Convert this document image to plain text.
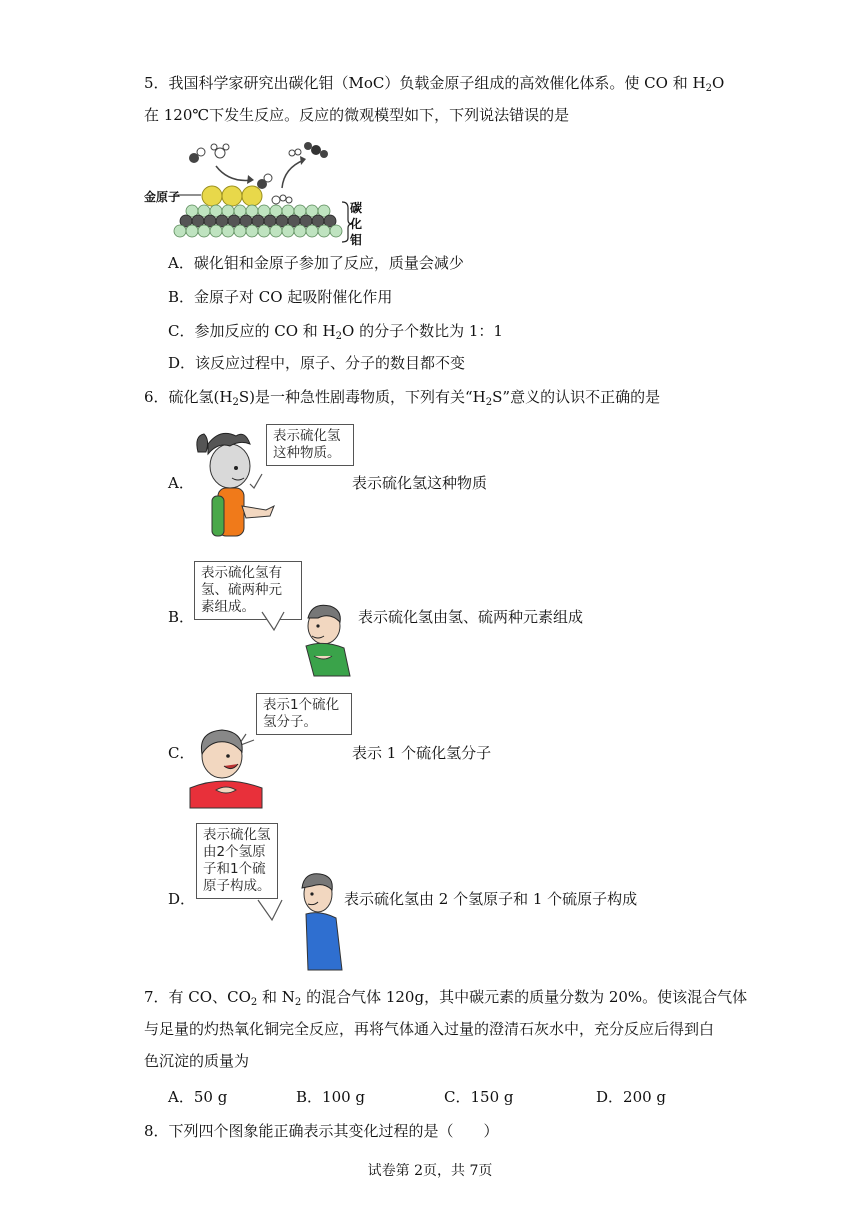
5．我国科学家研究出碳化钼（MoC）负载金原子组成的高效催化体系。使 CO 和 $H_2O$
在 120℃下发生反应。反应的微观模型如下，下列说法错误的是
金原子
碳
化
钼
A．碳化钼和金原子参加了反应，质量会减少
B．金原子对 CO 起吸附催化作用
C．参加反应的 CO 和 $H_2O$ 的分子个数比为 1：1
D．该反应过程中，原子、分子的数目都不变
6．硫化氢$(H_2S)$是一种急性剧毒物质，下列有关“$H_2S$”意义的认识不正确的是
A．
表示硫化氢这种物质。
表示硫化氢这种物质
B．
表示硫化氢有氢、硫两种元素组成。
表示硫化氢由氢、硫两种元素组成
C．
表示1个硫化氢分子。
表示 1 个硫化氢分子
D．
表示硫化氢由2个氢原子和1个硫原子构成。
表示硫化氢由 2 个氢原子和 1 个硫原子构成
7．有 CO、$CO_2$ 和 $N_2$ 的混合气体 120g，其中碳元素的质量分数为 20%。使该混合气体
与足量的灼热氧化铜完全反应，再将气体通入过量的澄清石灰水中，充分反应后得到白
色沉淀的质量为
A．50 g	B．100 g	C．150 g	D．200 g
8．下列四个图象能正确表示其变化过程的是（　　）
试卷第 2页，共 7页
